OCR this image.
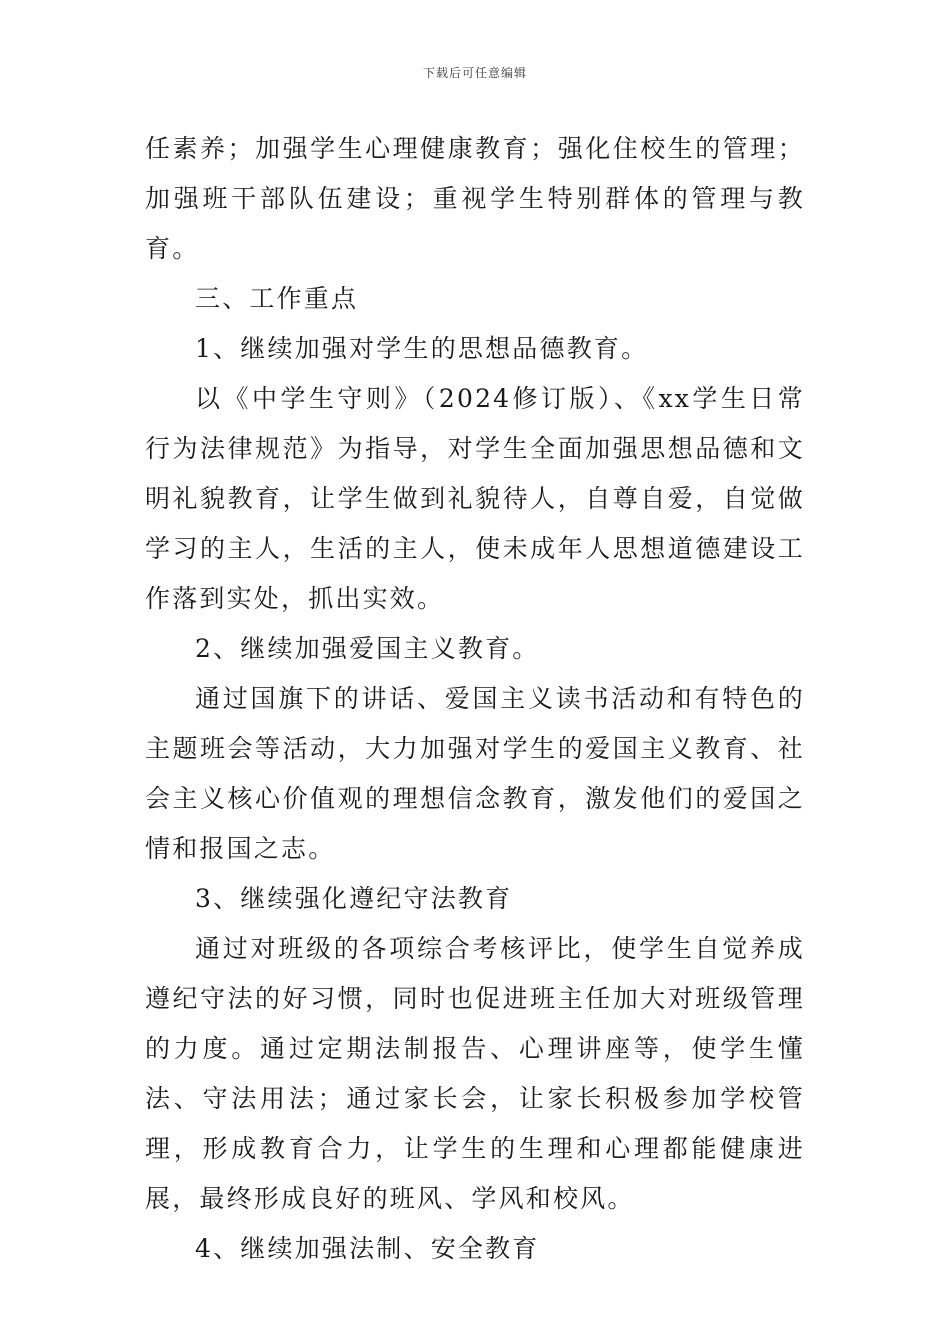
下载后可任意编辑

任素养；加强学生心理健康教育；强化住校生的管理；加强班干部队伍建设；重视学生特别群体的管理与教育。

三、工作重点

1、继续加强对学生的思想品德教育。

以《中学生守则》（2024修订版）、《xx学生日常行为法律规范》为指导，对学生全面加强思想品德和文明礼貌教育，让学生做到礼貌待人，自尊自爱，自觉做学习的主人，生活的主人，使未成年人思想道德建设工作落到实处，抓出实效。

2、继续加强爱国主义教育。

通过国旗下的讲话、爱国主义读书活动和有特色的主题班会等活动，大力加强对学生的爱国主义教育、社会主义核心价值观的理想信念教育，激发他们的爱国之情和报国之志。

3、继续强化遵纪守法教育

通过对班级的各项综合考核评比，使学生自觉养成遵纪守法的好习惯，同时也促进班主任加大对班级管理的力度。通过定期法制报告、心理讲座等，使学生懂法、守法用法；通过家长会，让家长积极参加学校管理，形成教育合力，让学生的生理和心理都能健康进展，最终形成良好的班风、学风和校风。

4、继续加强法制、安全教育
